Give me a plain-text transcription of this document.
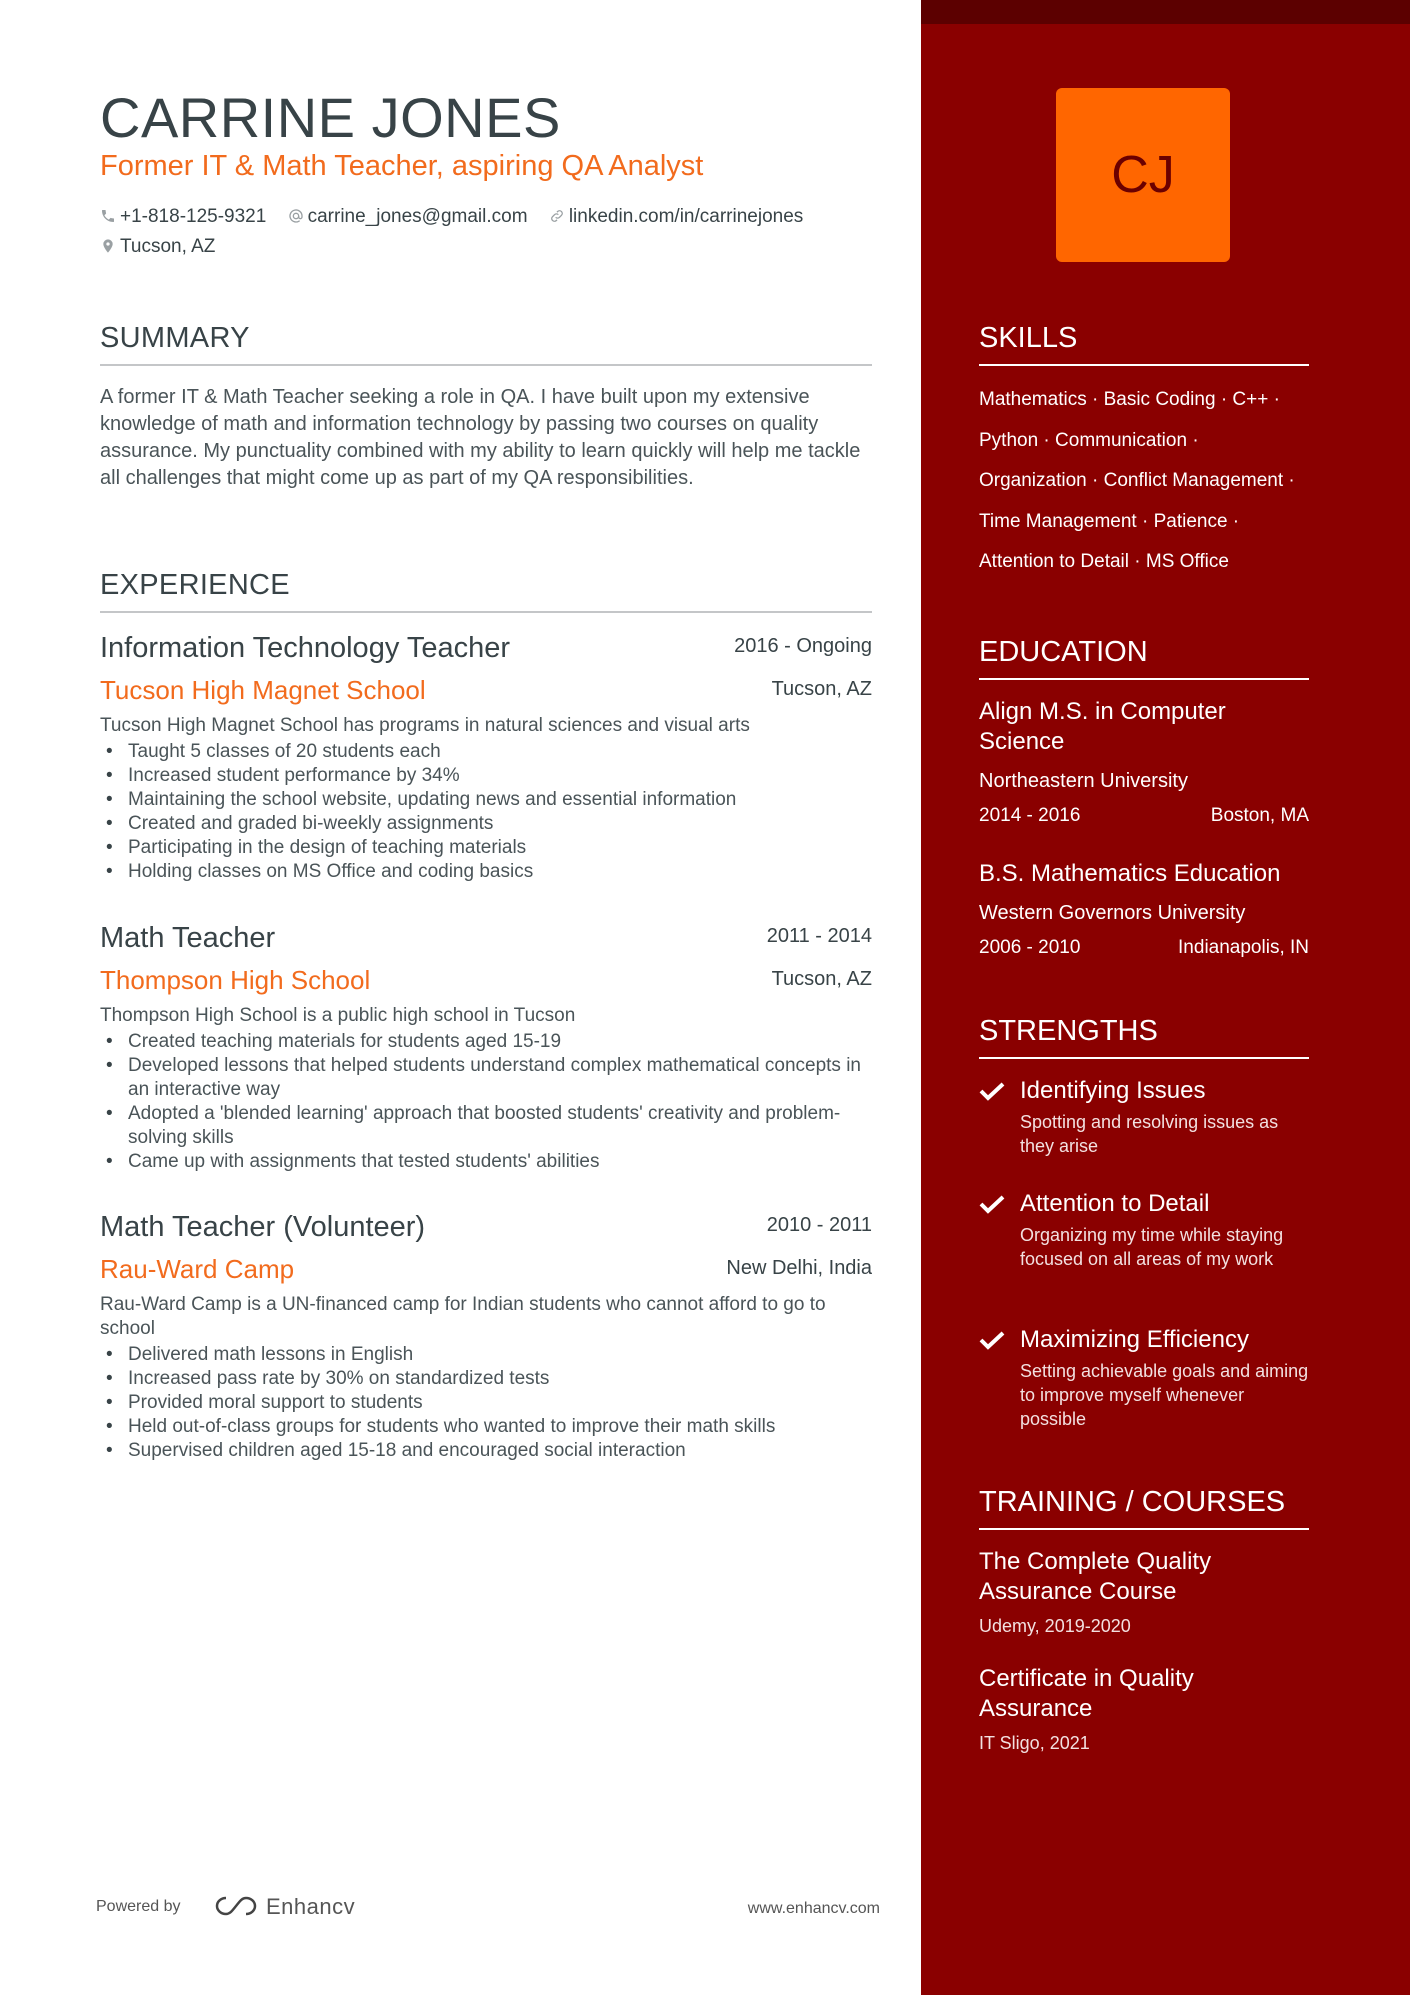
CARRINE JONES
Former IT & Math Teacher, aspiring QA Analyst
+1-818-125-9321 carrine_jones@gmail.com linkedin.com/in/carrinejones
Tucson, AZ
SUMMARY
A former IT & Math Teacher seeking a role in QA. I have built upon my extensive knowledge of math and information technology by passing two courses on quality assurance. My punctuality combined with my ability to learn quickly will help me tackle all challenges that might come up as part of my QA responsibilities.
EXPERIENCE
Information Technology Teacher	2016 - Ongoing
Tucson High Magnet School	Tucson, AZ
Tucson High Magnet School has programs in natural sciences and visual arts
• Taught 5 classes of 20 students each
• Increased student performance by 34%
• Maintaining the school website, updating news and essential information
• Created and graded bi-weekly assignments
• Participating in the design of teaching materials
• Holding classes on MS Office and coding basics
Math Teacher	2011 - 2014
Thompson High School	Tucson, AZ
Thompson High School is a public high school in Tucson
• Created teaching materials for students aged 15-19
• Developed lessons that helped students understand complex mathematical concepts in an interactive way
• Adopted a 'blended learning' approach that boosted students' creativity and problem-solving skills
• Came up with assignments that tested students' abilities
Math Teacher (Volunteer)	2010 - 2011
Rau-Ward Camp	New Delhi, India
Rau-Ward Camp is a UN-financed camp for Indian students who cannot afford to go to school
• Delivered math lessons in English
• Increased pass rate by 30% on standardized tests
• Provided moral support to students
• Held out-of-class groups for students who wanted to improve their math skills
• Supervised children aged 15-18 and encouraged social interaction
Powered by	Enhancv	www.enhancv.com
CJ
SKILLS
Mathematics · Basic Coding · C++ ·
Python · Communication ·
Organization · Conflict Management ·
Time Management · Patience ·
Attention to Detail · MS Office
EDUCATION
Align M.S. in Computer Science
Northeastern University
2014 - 2016	Boston, MA
B.S. Mathematics Education
Western Governors University
2006 - 2010	Indianapolis, IN
STRENGTHS
Identifying Issues
Spotting and resolving issues as they arise
Attention to Detail
Organizing my time while staying focused on all areas of my work
Maximizing Efficiency
Setting achievable goals and aiming to improve myself whenever possible
TRAINING / COURSES
The Complete Quality Assurance Course
Udemy, 2019-2020
Certificate in Quality Assurance
IT Sligo, 2021
